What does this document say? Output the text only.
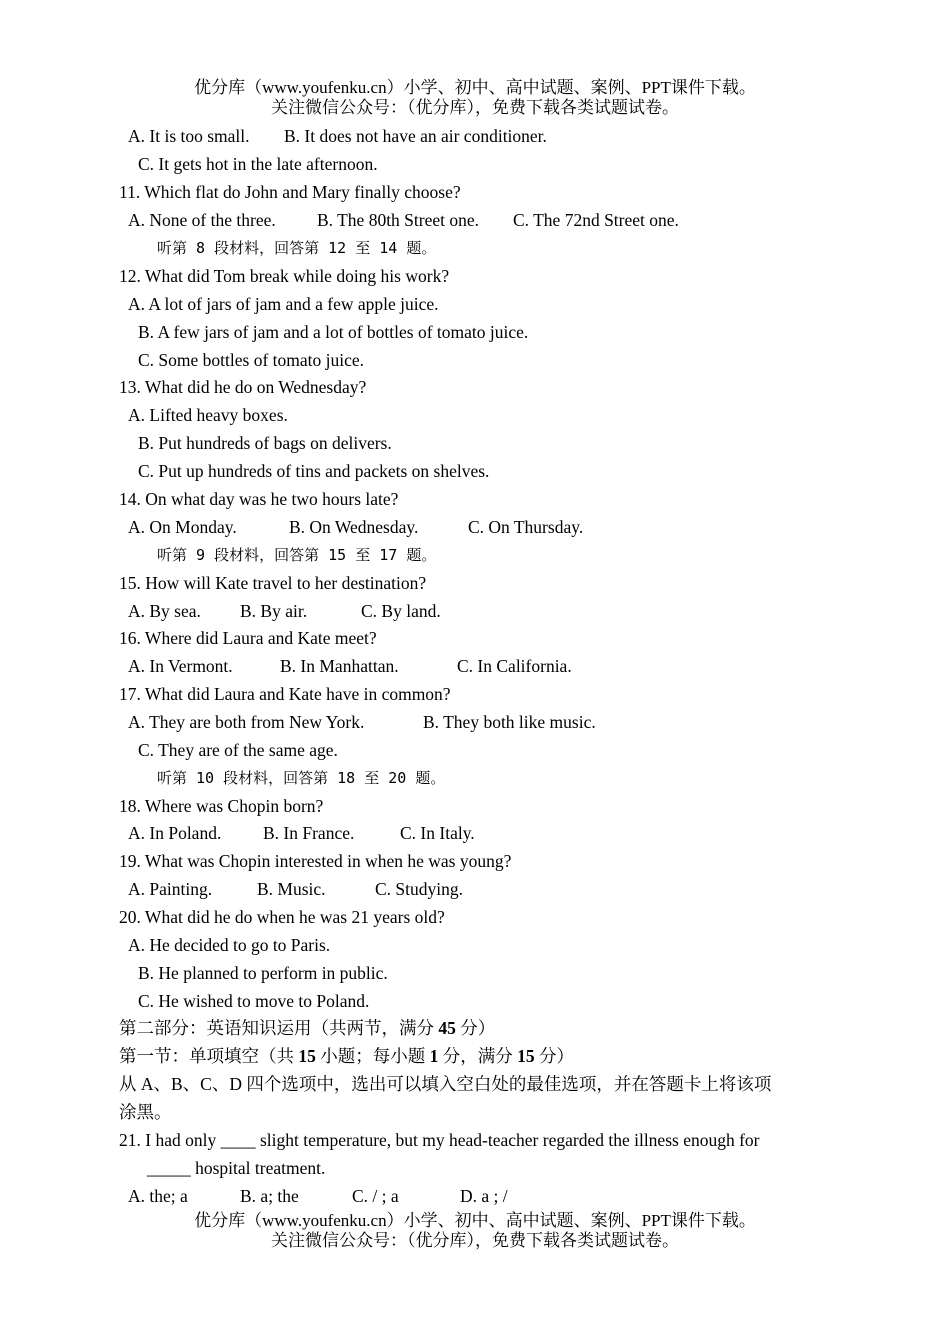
优分库（www.youfenku.cn）小学、初中、高中试题、案例、PPT课件下载。
关注微信公众号：（优分库），免费下载各类试题试卷。
A. It is too small. B. It does not have an air conditioner.
C. It gets hot in the late afternoon.
11. Which flat do John and Mary finally choose?
A. None of the three. B. The 80th Street one. C. The 72nd Street one.
听第 8 段材料，回答第 12 至 14 题。
12. What did Tom break while doing his work?
A. A lot of jars of jam and a few apple juice.
B. A few jars of jam and a lot of bottles of tomato juice.
C. Some bottles of tomato juice.
13. What did he do on Wednesday?
A. Lifted heavy boxes.
B. Put hundreds of bags on delivers.
C. Put up hundreds of tins and packets on shelves.
14. On what day was he two hours late?
A. On Monday.	B. On Wednesday.	C. On Thursday.
听第 9 段材料，回答第 15 至 17 题。
15. How will Kate travel to her destination?
A. By sea. B. By air.	C. By land.
16. Where did Laura and Kate meet?
A. In Vermont.	B. In Manhattan.	C. In California.
17. What did Laura and Kate have in common?
A. They are both from New York.	B. They both like music.
C. They are of the same age.
听第 10 段材料，回答第 18 至 20 题。
18. Where was Chopin born?
A. In Poland. B. In France.	C. In Italy.
19. What was Chopin interested in when he was young?
A. Painting.	B. Music.	C. Studying.
20. What did he do when he was 21 years old?
A. He decided to go to Paris.
B. He planned to perform in public.
C. He wished to move to Poland.
第二部分：英语知识运用（共两节，满分 45 分）
第一节：单项填空（共 15 小题；每小题 1 分，满分 15 分）
从 A、B、C、D 四个选项中，选出可以填入空白处的最佳选项，并在答题卡上将该项
涂黑。
21. I had only ____ slight temperature, but my head-teacher regarded the illness enough for
_____ hospital treatment.
A. the; a	B. a; the	C. / ; a	D. a ; /
优分库（www.youfenku.cn）小学、初中、高中试题、案例、PPT课件下载。
关注微信公众号：（优分库），免费下载各类试题试卷。
